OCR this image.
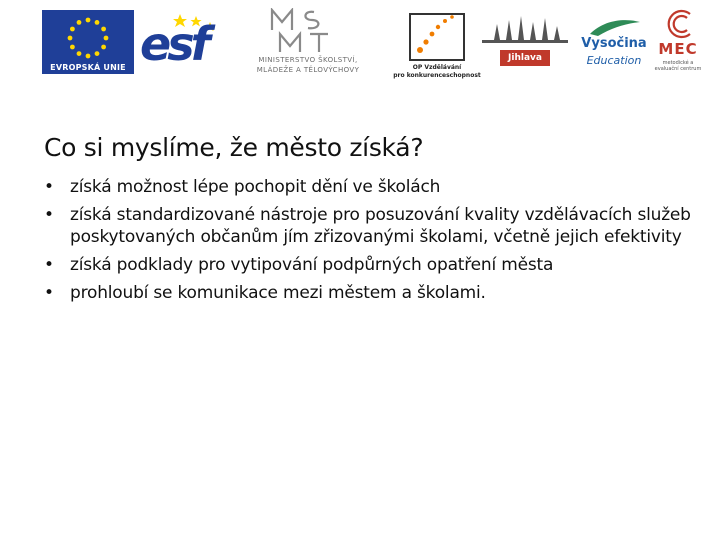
EVROPSKÁ UNIE esf	MINISTERSTVO ŠKOLSTVÍ,
MLÁDEŽE A TĚLOVÝCHOVY	OP Vzdělávání
pro konkurenceschopnost
Jihlava
Vysočina
Education
MEC
metodické a evaluační centrum
Co si myslíme, že město získá?
• získá možnost lépe pochopit dění ve školách
• získá standardizované nástroje pro posuzování kvality vzdělávacích služeb poskytovaných občanům jím zřizovanými školami, včetně jejich efektivity
• získá podklady pro vytipování podpůrných opatření města
• prohloubí se komunikace mezi městem a školami.
